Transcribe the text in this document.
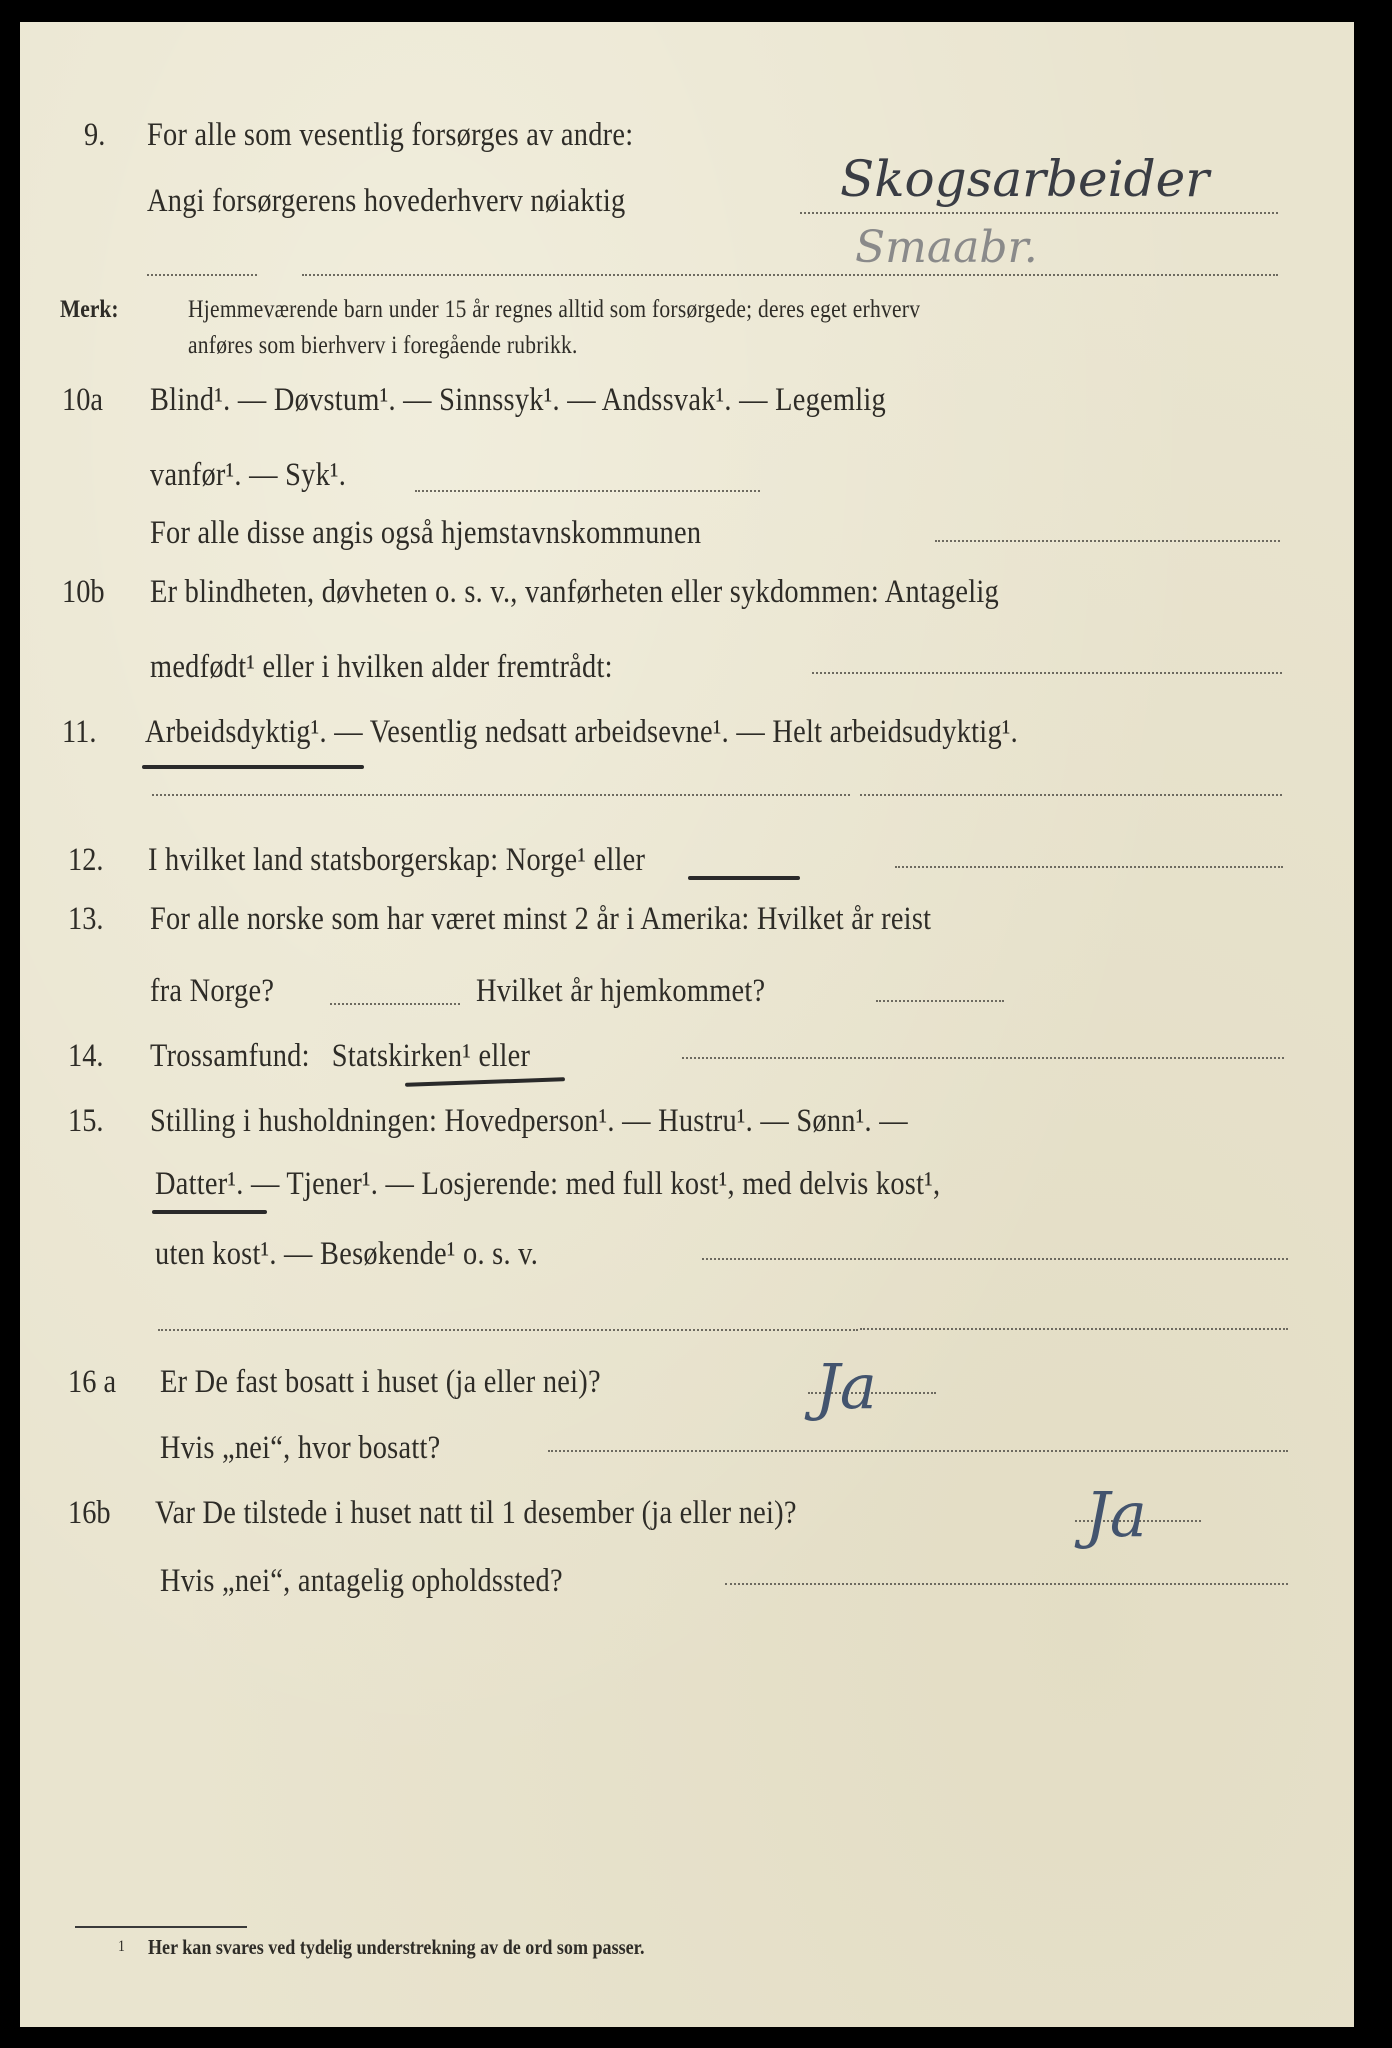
9. For alle som vesentlig forsørges av andre:
Angi forsørgerens hovederhverv nøiaktig	Skogsarbeider
Smaabr.
Merk:	Hjemmeværende barn under 15 år regnes alltid som forsørgede; deres eget erhverv
anføres som bierhverv i foregående rubrikk.
10a Blind¹. — Døvstum¹. — Sinnssyk¹. — Andssvak¹. — Legemlig
vanfør¹. — Syk¹.
For alle disse angis også hjemstavnskommunen
10b Er blindheten, døvheten o. s. v., vanførheten eller sykdommen: Antagelig
medfødt¹ eller i hvilken alder fremtrådt:
11. Arbeidsdyktig¹. — Vesentlig nedsatt arbeidsevne¹. — Helt arbeidsudyktig¹.
12. I hvilket land statsborgerskap: Norge¹ eller
13. For alle norske som har været minst 2 år i Amerika: Hvilket år reist
fra Norge?	Hvilket år hjemkommet?
14. Trossamfund: Statskirken¹ eller
15. Stilling i husholdningen: Hovedperson¹. — Hustru¹. — Sønn¹. —
Datter¹. — Tjener¹. — Losjerende: med full kost¹, med delvis kost¹,
uten kost¹. — Besøkende¹ o. s. v.
16 a Er De fast bosatt i huset (ja eller nei)?	Ja
Hvis „nei“, hvor bosatt?
16b Var De tilstede i huset natt til 1 desember (ja eller nei)?	Ja
Hvis „nei“, antagelig opholdssted?
1 Her kan svares ved tydelig understrekning av de ord som passer.
